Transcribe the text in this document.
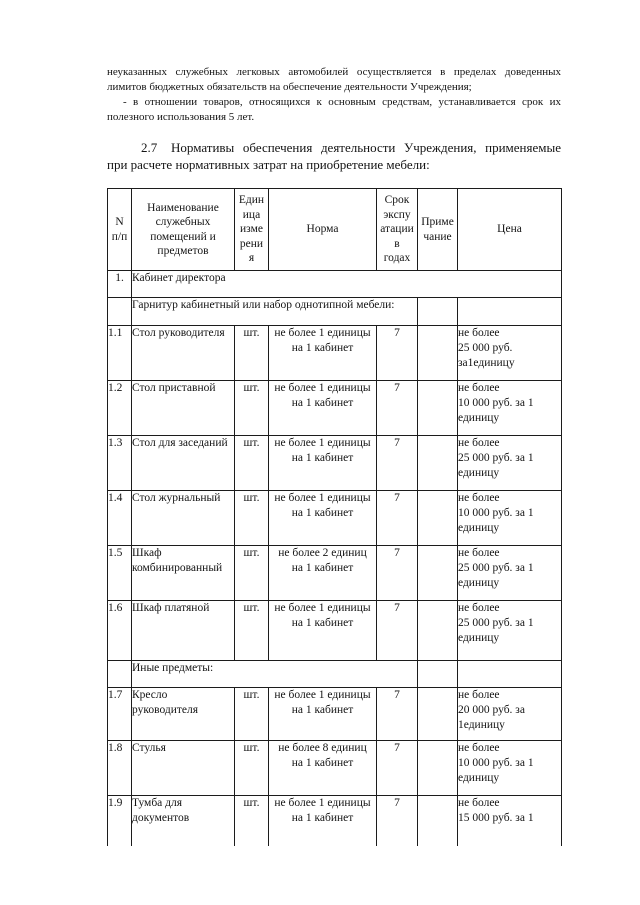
неуказанных служебных легковых автомобилей осуществляется в пределах доведенных
лимитов бюджетных обязательств на обеспечение деятельности Учреждения;
- в отношении товаров, относящихся к основным средствам, устанавливается срок их
полезного использования 5 лет.
2.7 Нормативы обеспечения деятельности Учреждения, применяемые
при расчете нормативных затрат на приобретение мебели:
N
п/п	Наименование
служебных
помещений и
предметов	Един
ица
изме
рени
я	Норма	Срок
экспу
атации
в
годах	Приме
чание	Цена
1.	Кабинет директора					
	Гарнитур кабинетный или набор однотипной мебели:					
1.1	Стол руководителя	шт.	не более 1 единицы
на 1 кабинет	7		не более
25 000 руб.
за1единицу
1.2	Стол приставной	шт.	не более 1 единицы
на 1 кабинет	7		не более
10 000 руб. за 1
единицу
1.3	Стол для заседаний	шт.	не более 1 единицы
на 1 кабинет	7		не более
25 000 руб. за 1
единицу
1.4	Стол журнальный	шт.	не более 1 единицы
на 1 кабинет	7		не более
10 000 руб. за 1
единицу
1.5	Шкаф
комбинированный	шт.	не более 2 единиц
на 1 кабинет	7		не более
25 000 руб. за 1
единицу
1.6	Шкаф платяной	шт.	не более 1 единицы
на 1 кабинет	7		не более
25 000 руб. за 1
единицу
	Иные предметы:					
1.7	Кресло
руководителя	шт.	не более 1 единицы
на 1 кабинет	7		не более
20 000 руб. за
1единицу
1.8	Стулья	шт.	не более 8 единиц
на 1 кабинет	7		не более
10 000 руб. за 1
единицу
1.9	Тумба для
документов	шт.	не более 1 единицы
на 1 кабинет	7		не более
15 000 руб. за 1
